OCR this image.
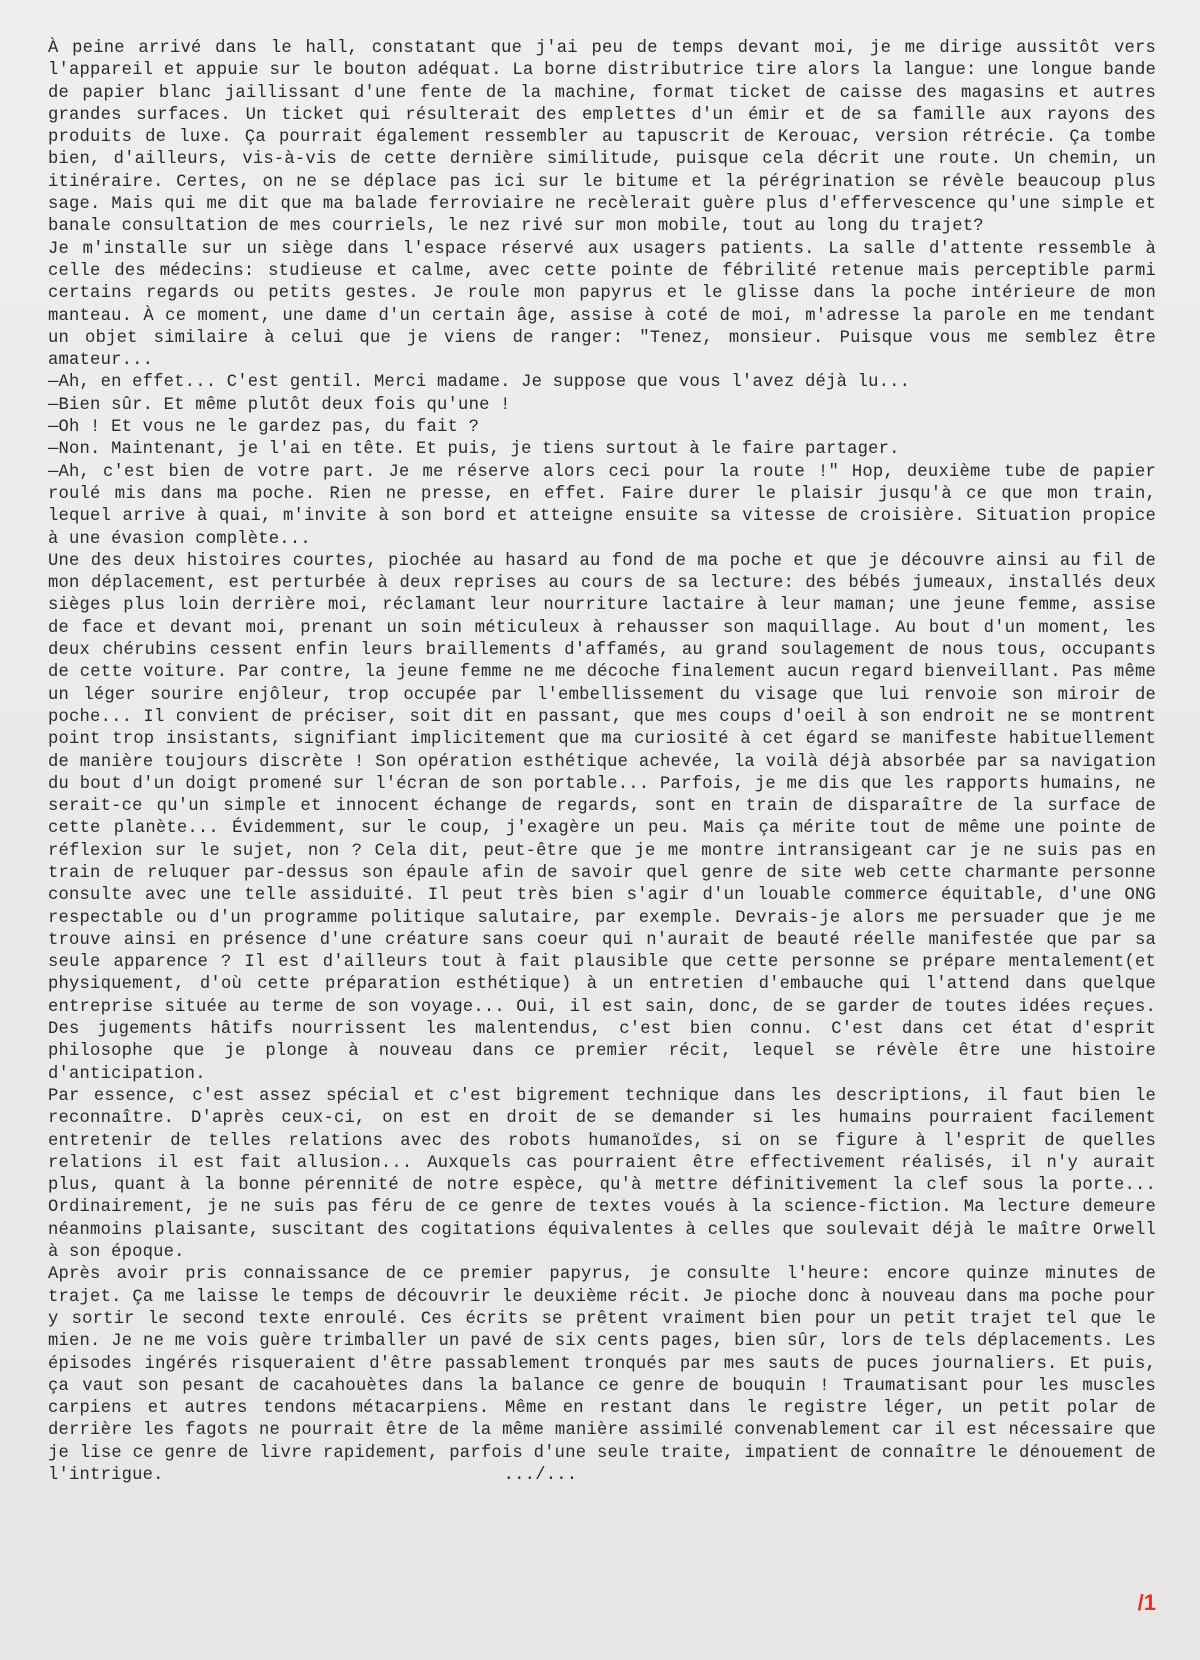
À peine arrivé dans le hall, constatant que j'ai peu de temps devant moi, je me dirige aussitôt vers l'appareil et appuie sur le bouton adéquat. La borne distributrice tire alors la langue: une longue bande de papier blanc jaillissant d'une fente de la machine, format ticket de caisse des magasins et autres grandes surfaces. Un ticket qui résulterait des emplettes d'un émir et de sa famille aux rayons des produits de luxe. Ça pourrait également ressembler au tapuscrit de Kerouac, version rétrécie. Ça tombe bien, d'ailleurs, vis-à-vis de cette dernière similitude, puisque cela décrit une route. Un chemin, un itinéraire. Certes, on ne se déplace pas ici sur le bitume et la pérégrination se révèle beaucoup plus sage. Mais qui me dit que ma balade ferroviaire ne recèlerait guère plus d'effervescence qu'une simple et banale consultation de mes courriels, le nez rivé sur mon mobile, tout au long du trajet?

Je m'installe sur un siège dans l'espace réservé aux usagers patients. La salle d'attente ressemble à celle des médecins: studieuse et calme, avec cette pointe de fébrilité retenue mais perceptible parmi certains regards ou petits gestes. Je roule mon papyrus et le glisse dans la poche intérieure de mon manteau. À ce moment, une dame d'un certain âge, assise à coté de moi, m'adresse la parole en me tendant un objet similaire à celui que je viens de ranger: "Tenez, monsieur. Puisque vous me semblez être amateur...

—Ah, en effet... C'est gentil. Merci madame. Je suppose que vous l'avez déjà lu...

—Bien sûr. Et même plutôt deux fois qu'une !

—Oh ! Et vous ne le gardez pas, du fait ?

—Non. Maintenant, je l'ai en tête. Et puis, je tiens surtout à le faire partager.

—Ah, c'est bien de votre part. Je me réserve alors ceci pour la route !" Hop, deuxième tube de papier roulé mis dans ma poche. Rien ne presse, en effet. Faire durer le plaisir jusqu'à ce que mon train, lequel arrive à quai, m'invite à son bord et atteigne ensuite sa vitesse de croisière. Situation propice à une évasion complète...

Une des deux histoires courtes, piochée au hasard au fond de ma poche et que je découvre ainsi au fil de mon déplacement, est perturbée à deux reprises au cours de sa lecture: des bébés jumeaux, installés deux sièges plus loin derrière moi, réclamant leur nourriture lactaire à leur maman; une jeune femme, assise de face et devant moi, prenant un soin méticuleux à rehausser son maquillage. Au bout d'un moment, les deux chérubins cessent enfin leurs braillements d'affamés, au grand soulagement de nous tous, occupants de cette voiture. Par contre, la jeune femme ne me décoche finalement aucun regard bienveillant. Pas même un léger sourire enjôleur, trop occupée par l'embellissement du visage que lui renvoie son miroir de poche... Il convient de préciser, soit dit en passant, que mes coups d'oeil à son endroit ne se montrent point trop insistants, signifiant implicitement que ma curiosité à cet égard se manifeste habituellement de manière toujours discrète ! Son opération esthétique achevée, la voilà déjà absorbée par sa navigation du bout d'un doigt promené sur l'écran de son portable... Parfois, je me dis que les rapports humains, ne serait-ce qu'un simple et innocent échange de regards, sont en train de disparaître de la surface de cette planète... Évidemment, sur le coup, j'exagère un peu. Mais ça mérite tout de même une pointe de réflexion sur le sujet, non ? Cela dit, peut-être que je me montre intransigeant car je ne suis pas en train de reluquer par-dessus son épaule afin de savoir quel genre de site web cette charmante personne consulte avec une telle assiduité. Il peut très bien s'agir d'un louable commerce équitable, d'une ONG respectable ou d'un programme politique salutaire, par exemple. Devrais-je alors me persuader que je me trouve ainsi en présence d'une créature sans coeur qui n'aurait de beauté réelle manifestée que par sa seule apparence ? Il est d'ailleurs tout à fait plausible que cette personne se prépare mentalement(et physiquement, d'où cette préparation esthétique) à un entretien d'embauche qui l'attend dans quelque entreprise située au terme de son voyage... Oui, il est sain, donc, de se garder de toutes idées reçues. Des jugements hâtifs nourrissent les malentendus, c'est bien connu. C'est dans cet état d'esprit philosophe que je plonge à nouveau dans ce premier récit, lequel se révèle être une histoire d'anticipation.

Par essence, c'est assez spécial et c'est bigrement technique dans les descriptions, il faut bien le reconnaître. D'après ceux-ci, on est en droit de se demander si les humains pourraient facilement entretenir de telles relations avec des robots humanoïdes, si on se figure à l'esprit de quelles relations il est fait allusion... Auxquels cas pourraient être effectivement réalisés, il n'y aurait plus, quant à la bonne pérennité de notre espèce, qu'à mettre définitivement la clef sous la porte... Ordinairement, je ne suis pas féru de ce genre de textes voués à la science-fiction. Ma lecture demeure néanmoins plaisante, suscitant des cogitations équivalentes à celles que soulevait déjà le maître Orwell à son époque.

Après avoir pris connaissance de ce premier papyrus, je consulte l'heure: encore quinze minutes de trajet. Ça me laisse le temps de découvrir le deuxième récit. Je pioche donc à nouveau dans ma poche pour y sortir le second texte enroulé. Ces écrits se prêtent vraiment bien pour un petit trajet tel que le mien. Je ne me vois guère trimballer un pavé de six cents pages, bien sûr, lors de tels déplacements. Les épisodes ingérés risqueraient d'être passablement tronqués par mes sauts de puces journaliers. Et puis, ça vaut son pesant de cacahouètes dans la balance ce genre de bouquin ! Traumatisant pour les muscles carpiens et autres tendons métacarpiens. Même en restant dans le registre léger, un petit polar de derrière les fagots ne pourrait être de la même manière assimilé convenablement car il est nécessaire que je lise ce genre de livre rapidement, parfois d'une seule traite, impatient de connaître le dénouement de l'intrigue.	.../...

/1
